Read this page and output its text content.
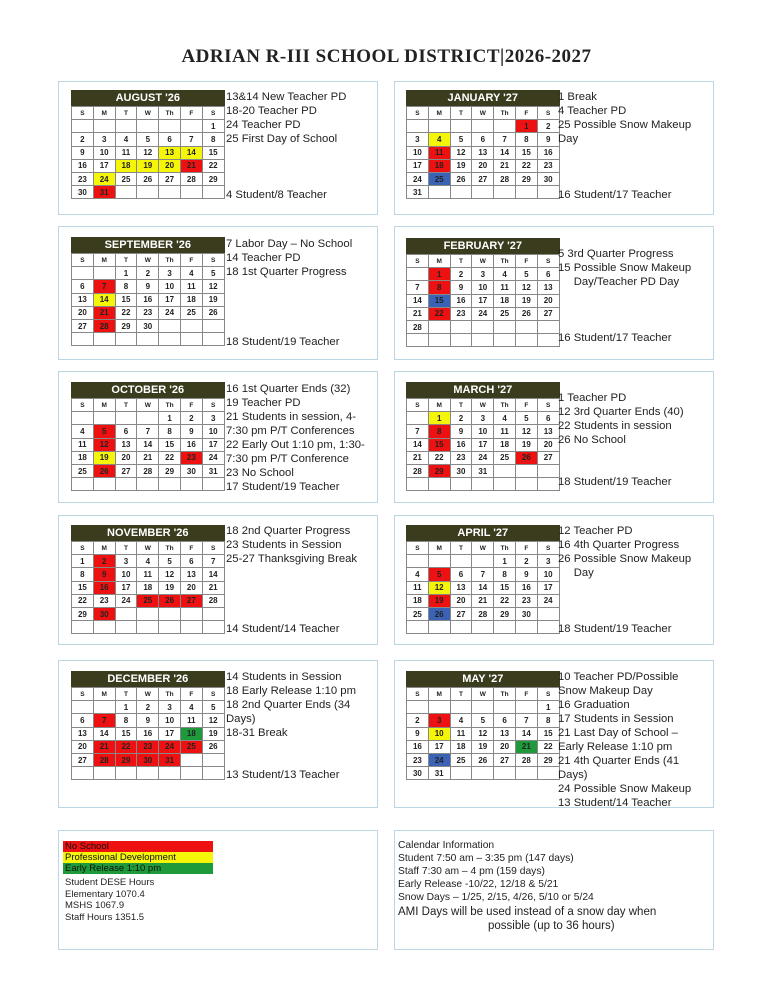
ADRIAN R-III SCHOOL DISTRICT|2026-2027
AUGUST '26
S	M	T	W	Th	F	S
						1
2	3	4	5	6	7	8
9	10	11	12	13	14	15
16	17	18	19	20	21	22
23	24	25	26	27	28	29
30	31					
13&14 New Teacher PD
18-20 Teacher PD
24 Teacher PD
25 First Day of School

4 Student/8 Teacher
JANUARY '27
S	M	T	W	Th	F	S
					1	2
3	4	5	6	7	8	9
10	11	12	13	14	15	16
17	18	19	20	21	22	23
24	25	26	27	28	29	30
31						
1 Break
4 Teacher PD
25 Possible Snow Makeup
Day

16 Student/17 Teacher
SEPTEMBER '26
S	M	T	W	Th	F	S
		1	2	3	4	5
6	7	8	9	10	11	12
13	14	15	16	17	18	19
20	21	22	23	24	25	26
27	28	29	30			

7 Labor Day – No School
14 Teacher PD
18 1st Quarter Progress

18 Student/19 Teacher
FEBRUARY '27
S	M	T	W	Th	F	S
	1	2	3	4	5	6
7	8	9	10	11	12	13
14	15	16	17	18	19	20
21	22	23	24	25	26	27
28						

5 3rd Quarter Progress
15 Possible Snow Makeup
Day/Teacher PD Day

16 Student/17 Teacher
OCTOBER '26
S	M	T	W	Th	F	S
				1	2	3
4	5	6	7	8	9	10
11	12	13	14	15	16	17
18	19	20	21	22	23	24
25	26	27	28	29	30	31

16 1st Quarter Ends (32)
19 Teacher PD
21 Students in session, 4-
7:30 pm P/T Conferences
22 Early Out 1:10 pm, 1:30-
7:30 pm P/T Conference
23 No School
17 Student/19 Teacher
MARCH '27
S	M	T	W	Th	F	S
	1	2	3	4	5	6
7	8	9	10	11	12	13
14	15	16	17	18	19	20
21	22	23	24	25	26	27
28	29	30	31			

1 Teacher PD
12 3rd Quarter Ends (40)
22 Students in session
26 No School

18 Student/19 Teacher
NOVEMBER '26
S	M	T	W	Th	F	S
1	2	3	4	5	6	7
8	9	10	11	12	13	14
15	16	17	18	19	20	21
22	23	24	25	26	27	28
29	30					

18 2nd Quarter Progress
23 Students in Session
25-27 Thanksgiving Break

14 Student/14 Teacher
APRIL '27
S	M	T	W	Th	F	S
				1	2	3
4	5	6	7	8	9	10
11	12	13	14	15	16	17
18	19	20	21	22	23	24
25	26	27	28	29	30	

12 Teacher PD
16 4th Quarter Progress
26 Possible Snow Makeup
Day

18 Student/19 Teacher
DECEMBER '26
S	M	T	W	Th	F	S
		1	2	3	4	5
6	7	8	9	10	11	12
13	14	15	16	17	18	19
20	21	22	23	24	25	26
27	28	29	30	31		

14 Students in Session
18 Early Release 1:10 pm
18 2nd Quarter Ends (34
Days)
18-31 Break

13 Student/13 Teacher
MAY '27
S	M	T	W	Th	F	S
						1
2	3	4	5	6	7	8
9	10	11	12	13	14	15
16	17	18	19	20	21	22
23	24	25	26	27	28	29
30	31					
10 Teacher PD/Possible
Snow Makeup Day
16 Graduation
17 Students in Session
21 Last Day of School –
Early Release 1:10 pm
21 4th Quarter Ends (41
Days)
24 Possible Snow Makeup
13 Student/14 Teacher
No School
Professional Development
Early Release 1:10 pm
Student DESE Hours
Elementary 1070.4
MSHS 1067.9
Staff Hours 1351.5
Calendar Information
Student 7:50 am – 3:35 pm (147 days)
Staff 7:30 am – 4 pm (159 days)
Early Release -10/22, 12/18 & 5/21
Snow Days – 1/25, 2/15, 4/26, 5/10 or 5/24
AMI Days will be used instead of a snow day when
possible (up to 36 hours)
